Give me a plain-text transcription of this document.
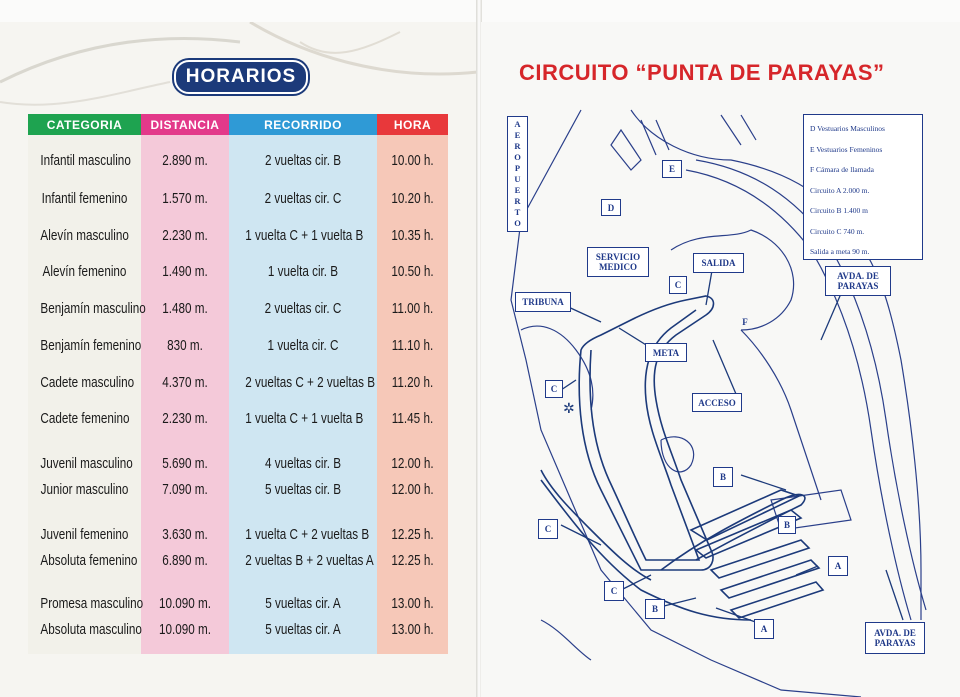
HORARIOS
CATEGORIA	DISTANCIA	RECORRIDO	HORA
Infantil masculino	2.890 m.	2 vueltas cir. B	10.00 h.
Infantil femenino	1.570 m.	2 vueltas cir. C	10.20 h.
Alevín masculino	2.230 m.	1 vuelta C + 1 vuelta B	10.35 h.
Alevín femenino	1.490 m.	1 vuelta cir. B	10.50 h.
Benjamín masculino	1.480 m.	2 vueltas cir. C	11.00 h.
Benjamín femenino	830 m.	1 vuelta cir. C	11.10 h.
Cadete masculino	4.370 m.	2 vueltas C + 2 vueltas B	11.20 h.
Cadete femenino	2.230 m.	1 vuelta C + 1 vuelta B	11.45 h.
Juvenil masculino	5.690 m.	4 vueltas cir. B	12.00 h.
Junior masculino	7.090 m.	5 vueltas cir. B	12.00 h.
Juvenil femenino	3.630 m.	1 vuelta C + 2 vueltas B	12.25 h.
Absoluta femenino	6.890 m.	2 vueltas B + 2 vueltas A	12.25 h.
Promesa masculino	10.090 m.	5 vueltas cir. A	13.00 h.
Absoluta masculino	10.090 m.	5 vueltas cir. A	13.00 h.
CIRCUITO “PUNTA DE PARAYAS”
✲
A
E
R
O
P
U
E
R
T
O
D Vestuarios Masculinos
E Vestuarios Femeninos
F Cámara de llamada
Circuito A 2.000 m.
Circuito B 1.400 m
Circuito C 740 m.
Salida a meta 90 m.
E
D
SERVICIO
MEDICO	SALIDA
C
TRIBUNA
F
AVDA. DE
PARAYAS
META
C
ACCESO
B
B
C
A
C
B
A	AVDA. DE
PARAYAS
